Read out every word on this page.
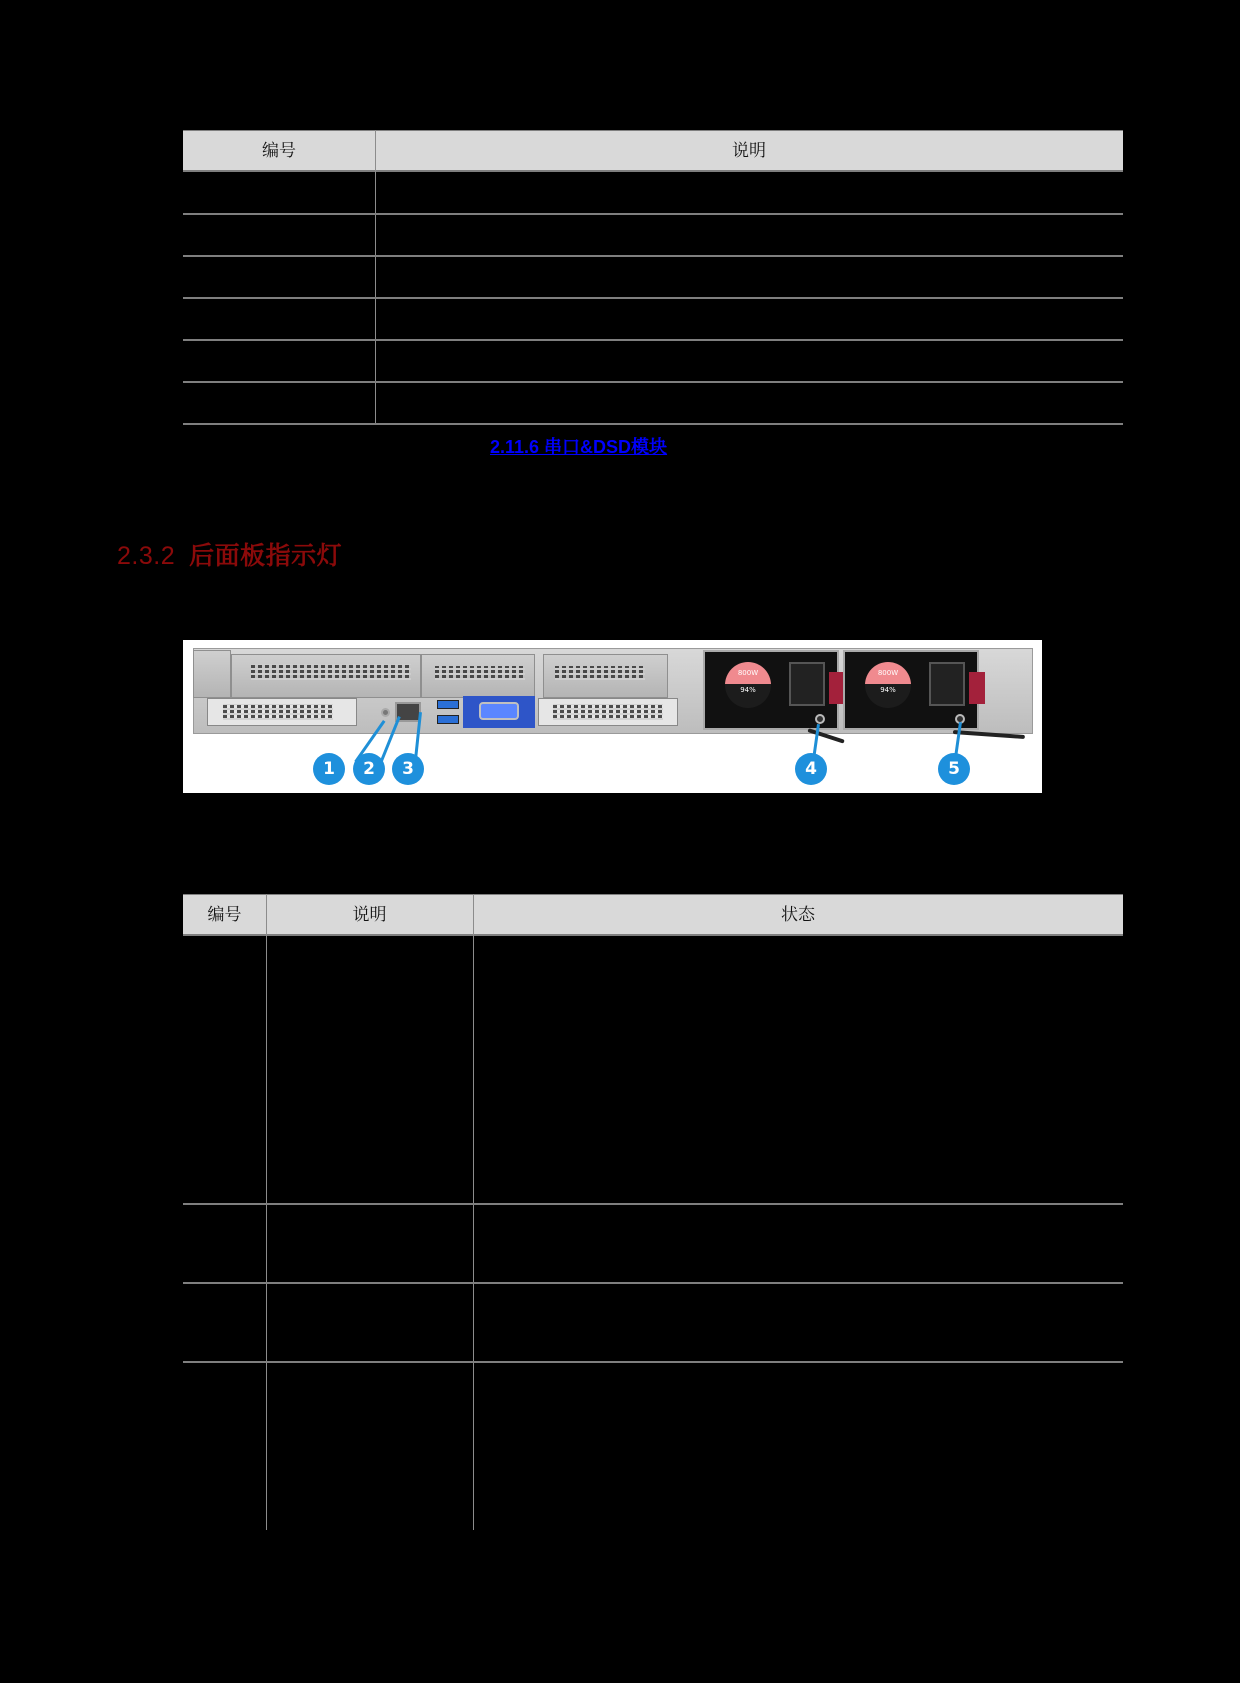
编号	说明
2.11.6 串口&DSD模块
2.3.2 后面板指示灯
800W
94%
800W
94%
1	2	3	4	5
编号	说明	状态
